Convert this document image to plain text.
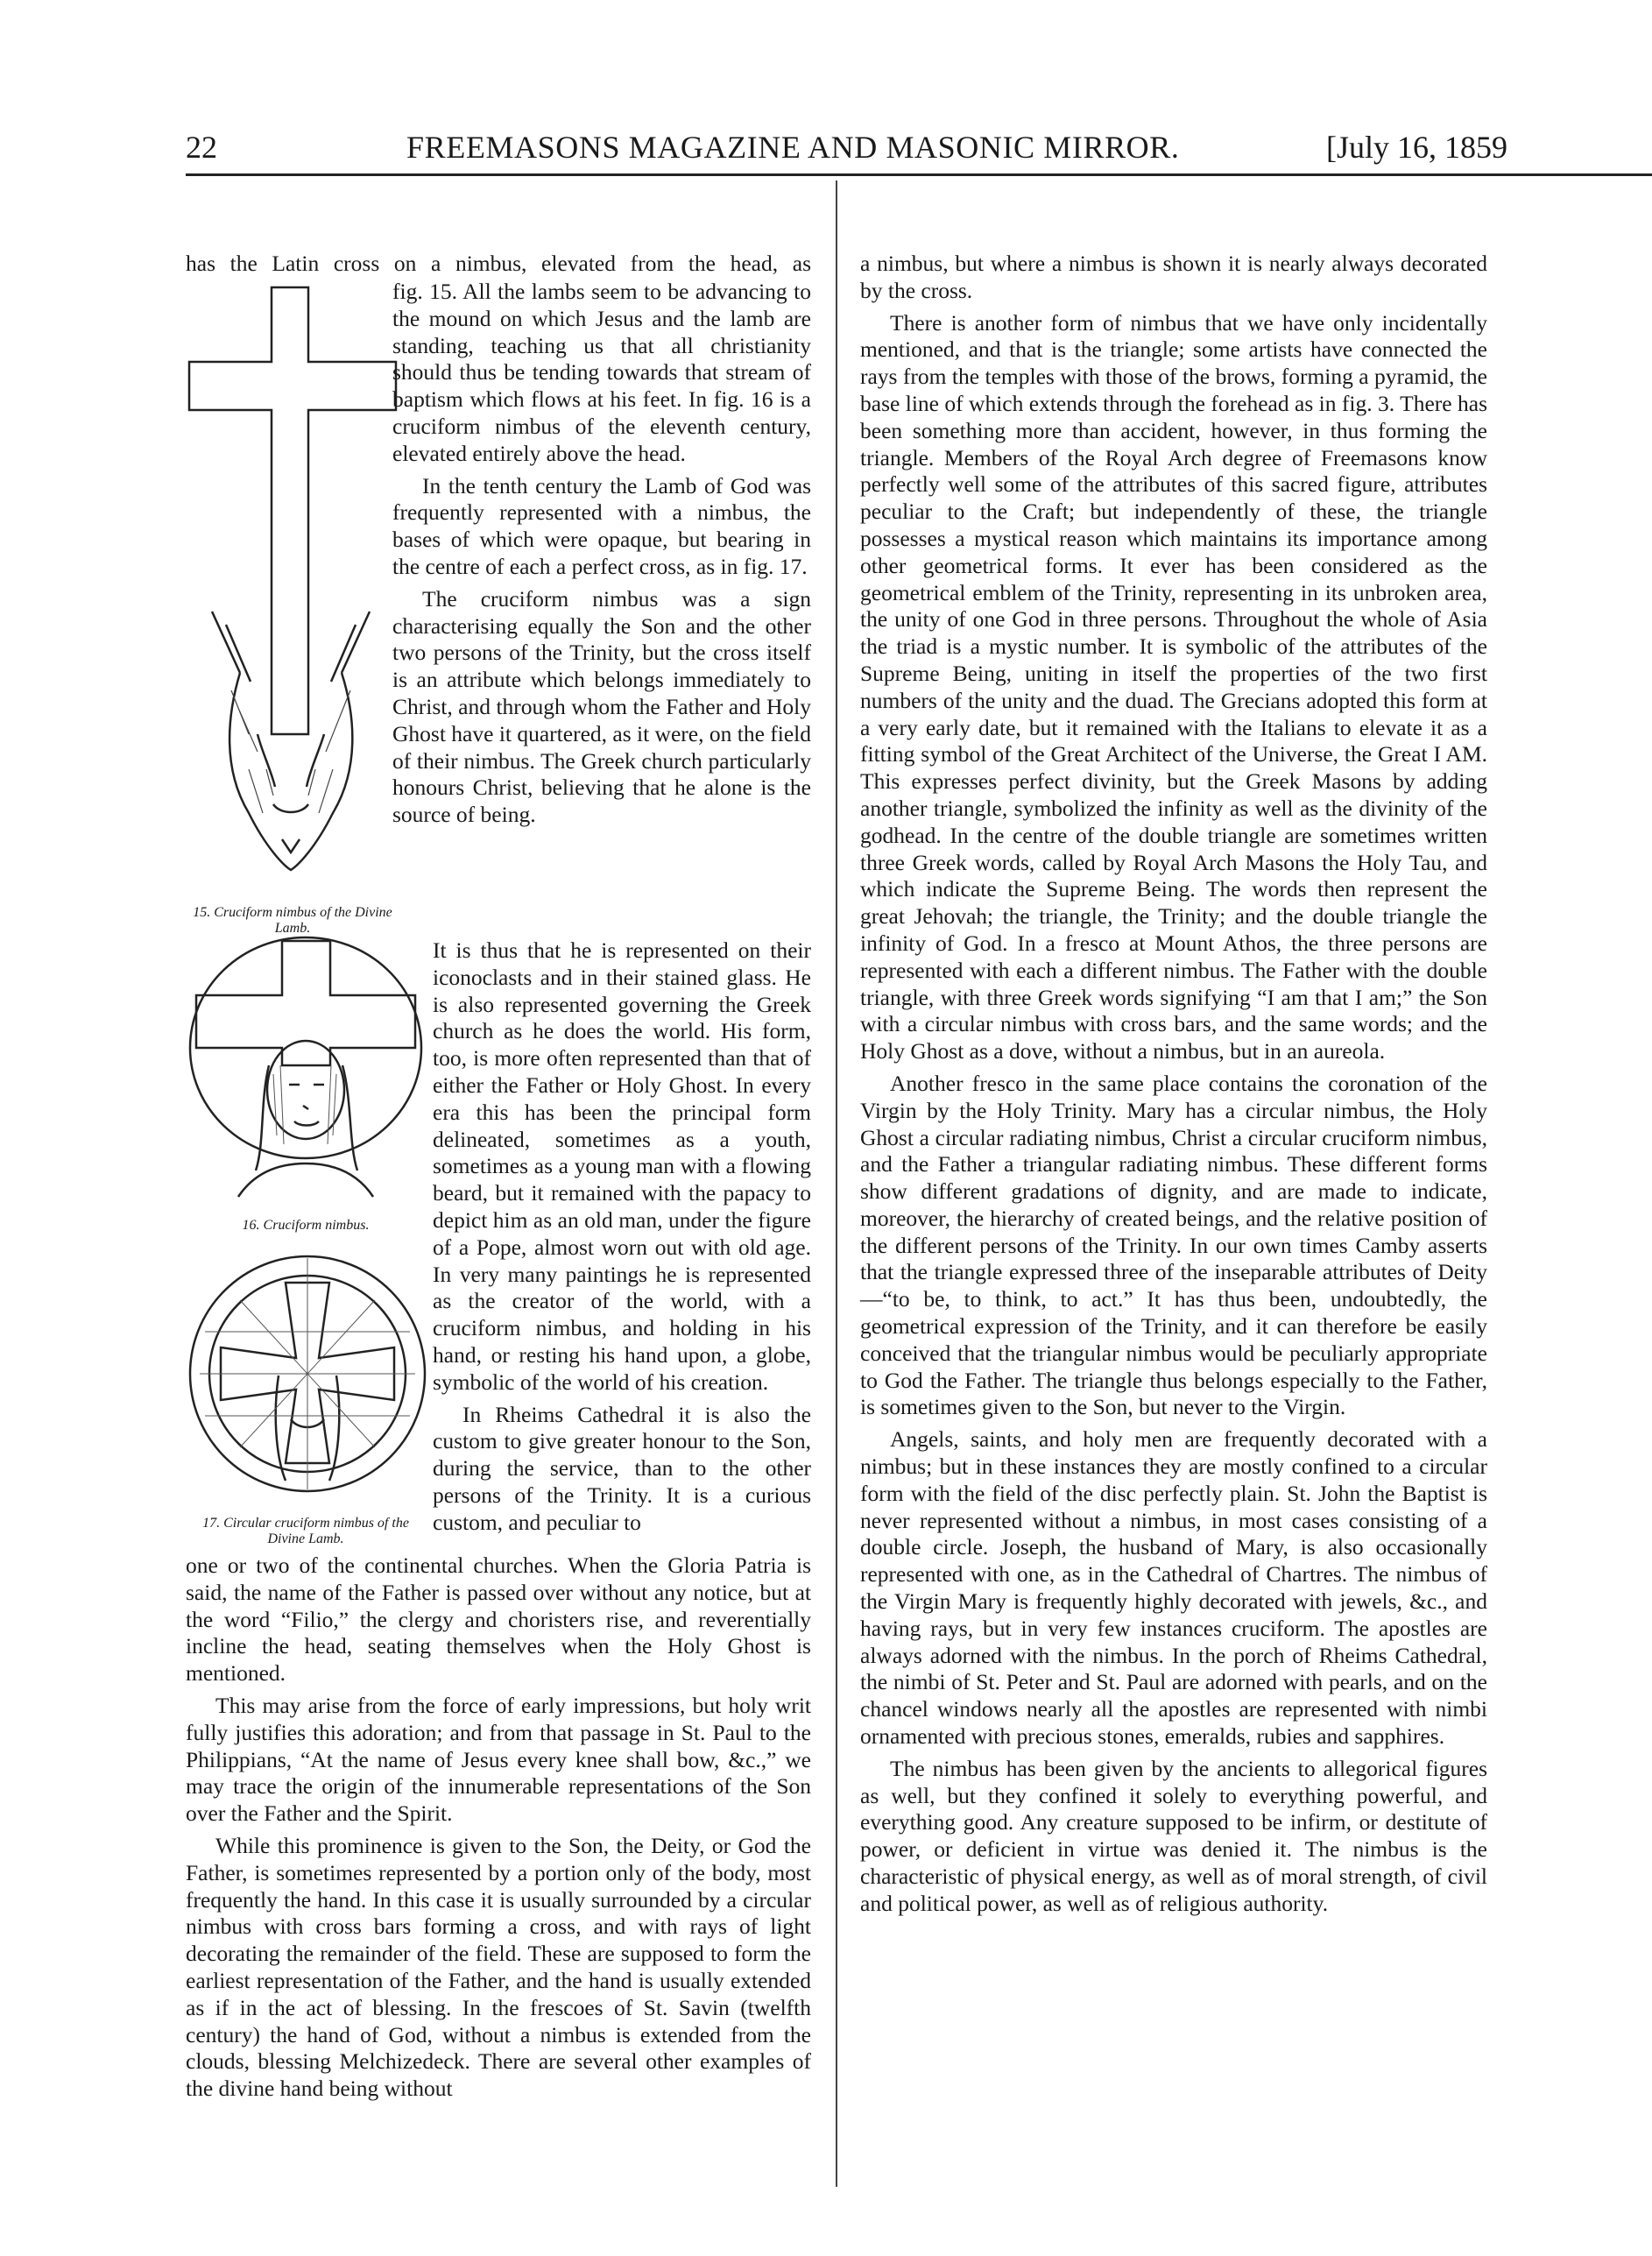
22	FREEMASONS MAGAZINE AND MASONIC MIRROR.	[July 16, 1859
15. Cruciform nimbus of the Divine Lamb.
16. Cruciform nimbus.
17. Circular cruciform nimbus of the Divine Lamb.
has the Latin cross on a nimbus, elevated from the head, as

fig. 15. All the lambs seem to be advancing to the mound on which Jesus and the lamb are standing, teaching us that all christianity should thus be tending towards that stream of baptism which flows at his feet. In fig. 16 is a cruciform nimbus of the eleventh century, elevated entirely above the head.

In the tenth century the Lamb of God was frequently represented with a nimbus, the bases of which were opaque, but bearing in the centre of each a perfect cross, as in fig. 17.

The cruciform nimbus was a sign characterising equally the Son and the other two persons of the Trinity, but the cross itself is an attribute which belongs immediately to Christ, and through whom the Father and Holy Ghost have it quartered, as it were, on the field of their nimbus. The Greek church particularly honours Christ, believing that he alone is the source of being.

It is thus that he is represented on their iconoclasts and in their stained glass. He is also represented governing the Greek church as he does the world. His form, too, is more often represented than that of either the Father or Holy Ghost. In every era this has been the principal form delineated, sometimes as a youth, sometimes as a young man with a flowing beard, but it remained with the papacy to depict him as an old man, under the figure of a Pope, almost worn out with old age. In very many paintings he is represented as the creator of the world, with a cruciform nimbus, and holding in his hand, or resting his hand upon, a globe, symbolic of the world of his creation.

In Rheims Cathedral it is also the custom to give greater honour to the Son, during the service, than to the other persons of the Trinity. It is a curious custom, and peculiar to

one or two of the continental churches. When the Gloria Patria is said, the name of the Father is passed over without any notice, but at the word “Filio,” the clergy and choristers rise, and reverentially incline the head, seating themselves when the Holy Ghost is mentioned.

This may arise from the force of early impressions, but holy writ fully justifies this adoration; and from that passage in St. Paul to the Philippians, “At the name of Jesus every knee shall bow, &c.,” we may trace the origin of the innumerable representations of the Son over the Father and the Spirit.

While this prominence is given to the Son, the Deity, or God the Father, is sometimes represented by a portion only of the body, most frequently the hand. In this case it is usually surrounded by a circular nimbus with cross bars forming a cross, and with rays of light decorating the remainder of the field. These are supposed to form the earliest representation of the Father, and the hand is usually extended as if in the act of blessing. In the frescoes of St. Savin (twelfth century) the hand of God, without a nimbus is extended from the clouds, blessing Melchizedeck. There are several other examples of the divine hand being without

a nimbus, but where a nimbus is shown it is nearly always decorated by the cross.

There is another form of nimbus that we have only incidentally mentioned, and that is the triangle; some artists have connected the rays from the temples with those of the brows, forming a pyramid, the base line of which extends through the forehead as in fig. 3. There has been something more than accident, however, in thus forming the triangle. Members of the Royal Arch degree of Freemasons know perfectly well some of the attributes of this sacred figure, attributes peculiar to the Craft; but independently of these, the triangle possesses a mystical reason which maintains its importance among other geometrical forms. It ever has been considered as the geometrical emblem of the Trinity, representing in its unbroken area, the unity of one God in three persons. Throughout the whole of Asia the triad is a mystic number. It is symbolic of the attributes of the Supreme Being, uniting in itself the properties of the two first numbers of the unity and the duad. The Grecians adopted this form at a very early date, but it remained with the Italians to elevate it as a fitting symbol of the Great Architect of the Universe, the Great I AM. This expresses perfect divinity, but the Greek Masons by adding another triangle, symbolized the infinity as well as the divinity of the godhead. In the centre of the double triangle are sometimes written three Greek words, called by Royal Arch Masons the Holy Tau, and which indicate the Supreme Being. The words then represent the great Jehovah; the triangle, the Trinity; and the double triangle the infinity of God. In a fresco at Mount Athos, the three persons are represented with each a different nimbus. The Father with the double triangle, with three Greek words signifying “I am that I am;” the Son with a circular nimbus with cross bars, and the same words; and the Holy Ghost as a dove, without a nimbus, but in an aureola.

Another fresco in the same place contains the coronation of the Virgin by the Holy Trinity. Mary has a circular nimbus, the Holy Ghost a circular radiating nimbus, Christ a circular cruciform nimbus, and the Father a triangular radiating nimbus. These different forms show different gradations of dignity, and are made to indicate, moreover, the hierarchy of created beings, and the relative position of the different persons of the Trinity. In our own times Camby asserts that the triangle expressed three of the inseparable attributes of Deity—“to be, to think, to act.” It has thus been, undoubtedly, the geometrical expression of the Trinity, and it can therefore be easily conceived that the triangular nimbus would be peculiarly appropriate to God the Father. The triangle thus belongs especially to the Father, is sometimes given to the Son, but never to the Virgin.

Angels, saints, and holy men are frequently decorated with a nimbus; but in these instances they are mostly confined to a circular form with the field of the disc perfectly plain. St. John the Baptist is never represented without a nimbus, in most cases consisting of a double circle. Joseph, the husband of Mary, is also occasionally represented with one, as in the Cathedral of Chartres. The nimbus of the Virgin Mary is frequently highly decorated with jewels, &c., and having rays, but in very few instances cruciform. The apostles are always adorned with the nimbus. In the porch of Rheims Cathedral, the nimbi of St. Peter and St. Paul are adorned with pearls, and on the chancel windows nearly all the apostles are represented with nimbi ornamented with precious stones, emeralds, rubies and sapphires.

The nimbus has been given by the ancients to allegorical figures as well, but they confined it solely to everything powerful, and everything good. Any creature supposed to be infirm, or destitute of power, or deficient in virtue was denied it. The nimbus is the characteristic of physical energy, as well as of moral strength, of civil and political power, as well as of religious authority.
